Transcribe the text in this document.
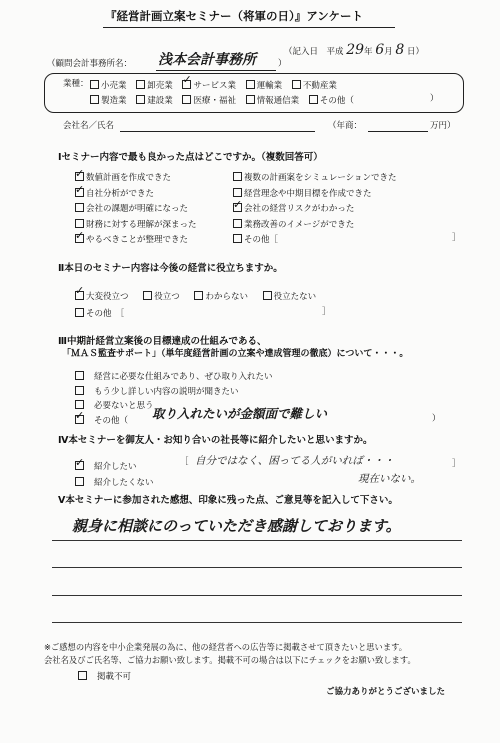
『経営計画立案セミナー（将軍の日）』アンケート
（記入日　平成 29年 6月 8 日）
（顧問会計事務所名： 浅本会計事務所	）
業種：	小売業 卸売業 ✓ サービス業 運輸業 不動産業
製造業 建設業 医療・福祉 情報通信業 その他（	）
会社名／氏名	（年商：	万円）
Ⅰセミナー内容で最も良かった点はどこですか。（複数回答可）
✓数値計画を作成できた
✓自社分析ができた
会社の課題が明確になった
財務に対する理解が深まった
✓やるべきことが整理できた
複数の計画案をシミュレーションできた
経営理念や中期目標を作成できた
✓会社の経営リスクがわかった
業務改善のイメージができた
その他［	］
Ⅱ本日のセミナー内容は今後の経営に役立ちますか。
✓大変役立つ	役立つ	わからない	役立たない
その他　［	］
Ⅲ中期計経営立案後の目標達成の仕組みである、
「ＭＡＳ監査サポート」（単年度経営計画の立案や達成管理の徹底）について・・・。
経営に必要な仕組みであり、ぜひ取り入れたい
もう少し詳しい内容の説明が聞きたい
必要ないと思う
✓その他（	取り入れたいが金額面で難しい	）
Ⅳ本セミナーを御友人・お知り合いの社長等に紹介したいと思いますか。
✓紹介したい
紹介したくない
［ 自分ではなく、困ってる人がいれば・・・
現在いない。
］
Ⅴ本セミナーに参加された感想、印象に残った点、ご意見等を記入して下さい。
親身に相談にのっていただき感謝しております。
※ご感想の内容を中小企業発展の為に、他の経営者への広告等に掲載させて頂きたいと思います。
会社名及びご氏名等、ご協力お願い致します。掲載不可の場合は以下にチェックをお願い致します。
掲載不可
ご協力ありがとうございました
